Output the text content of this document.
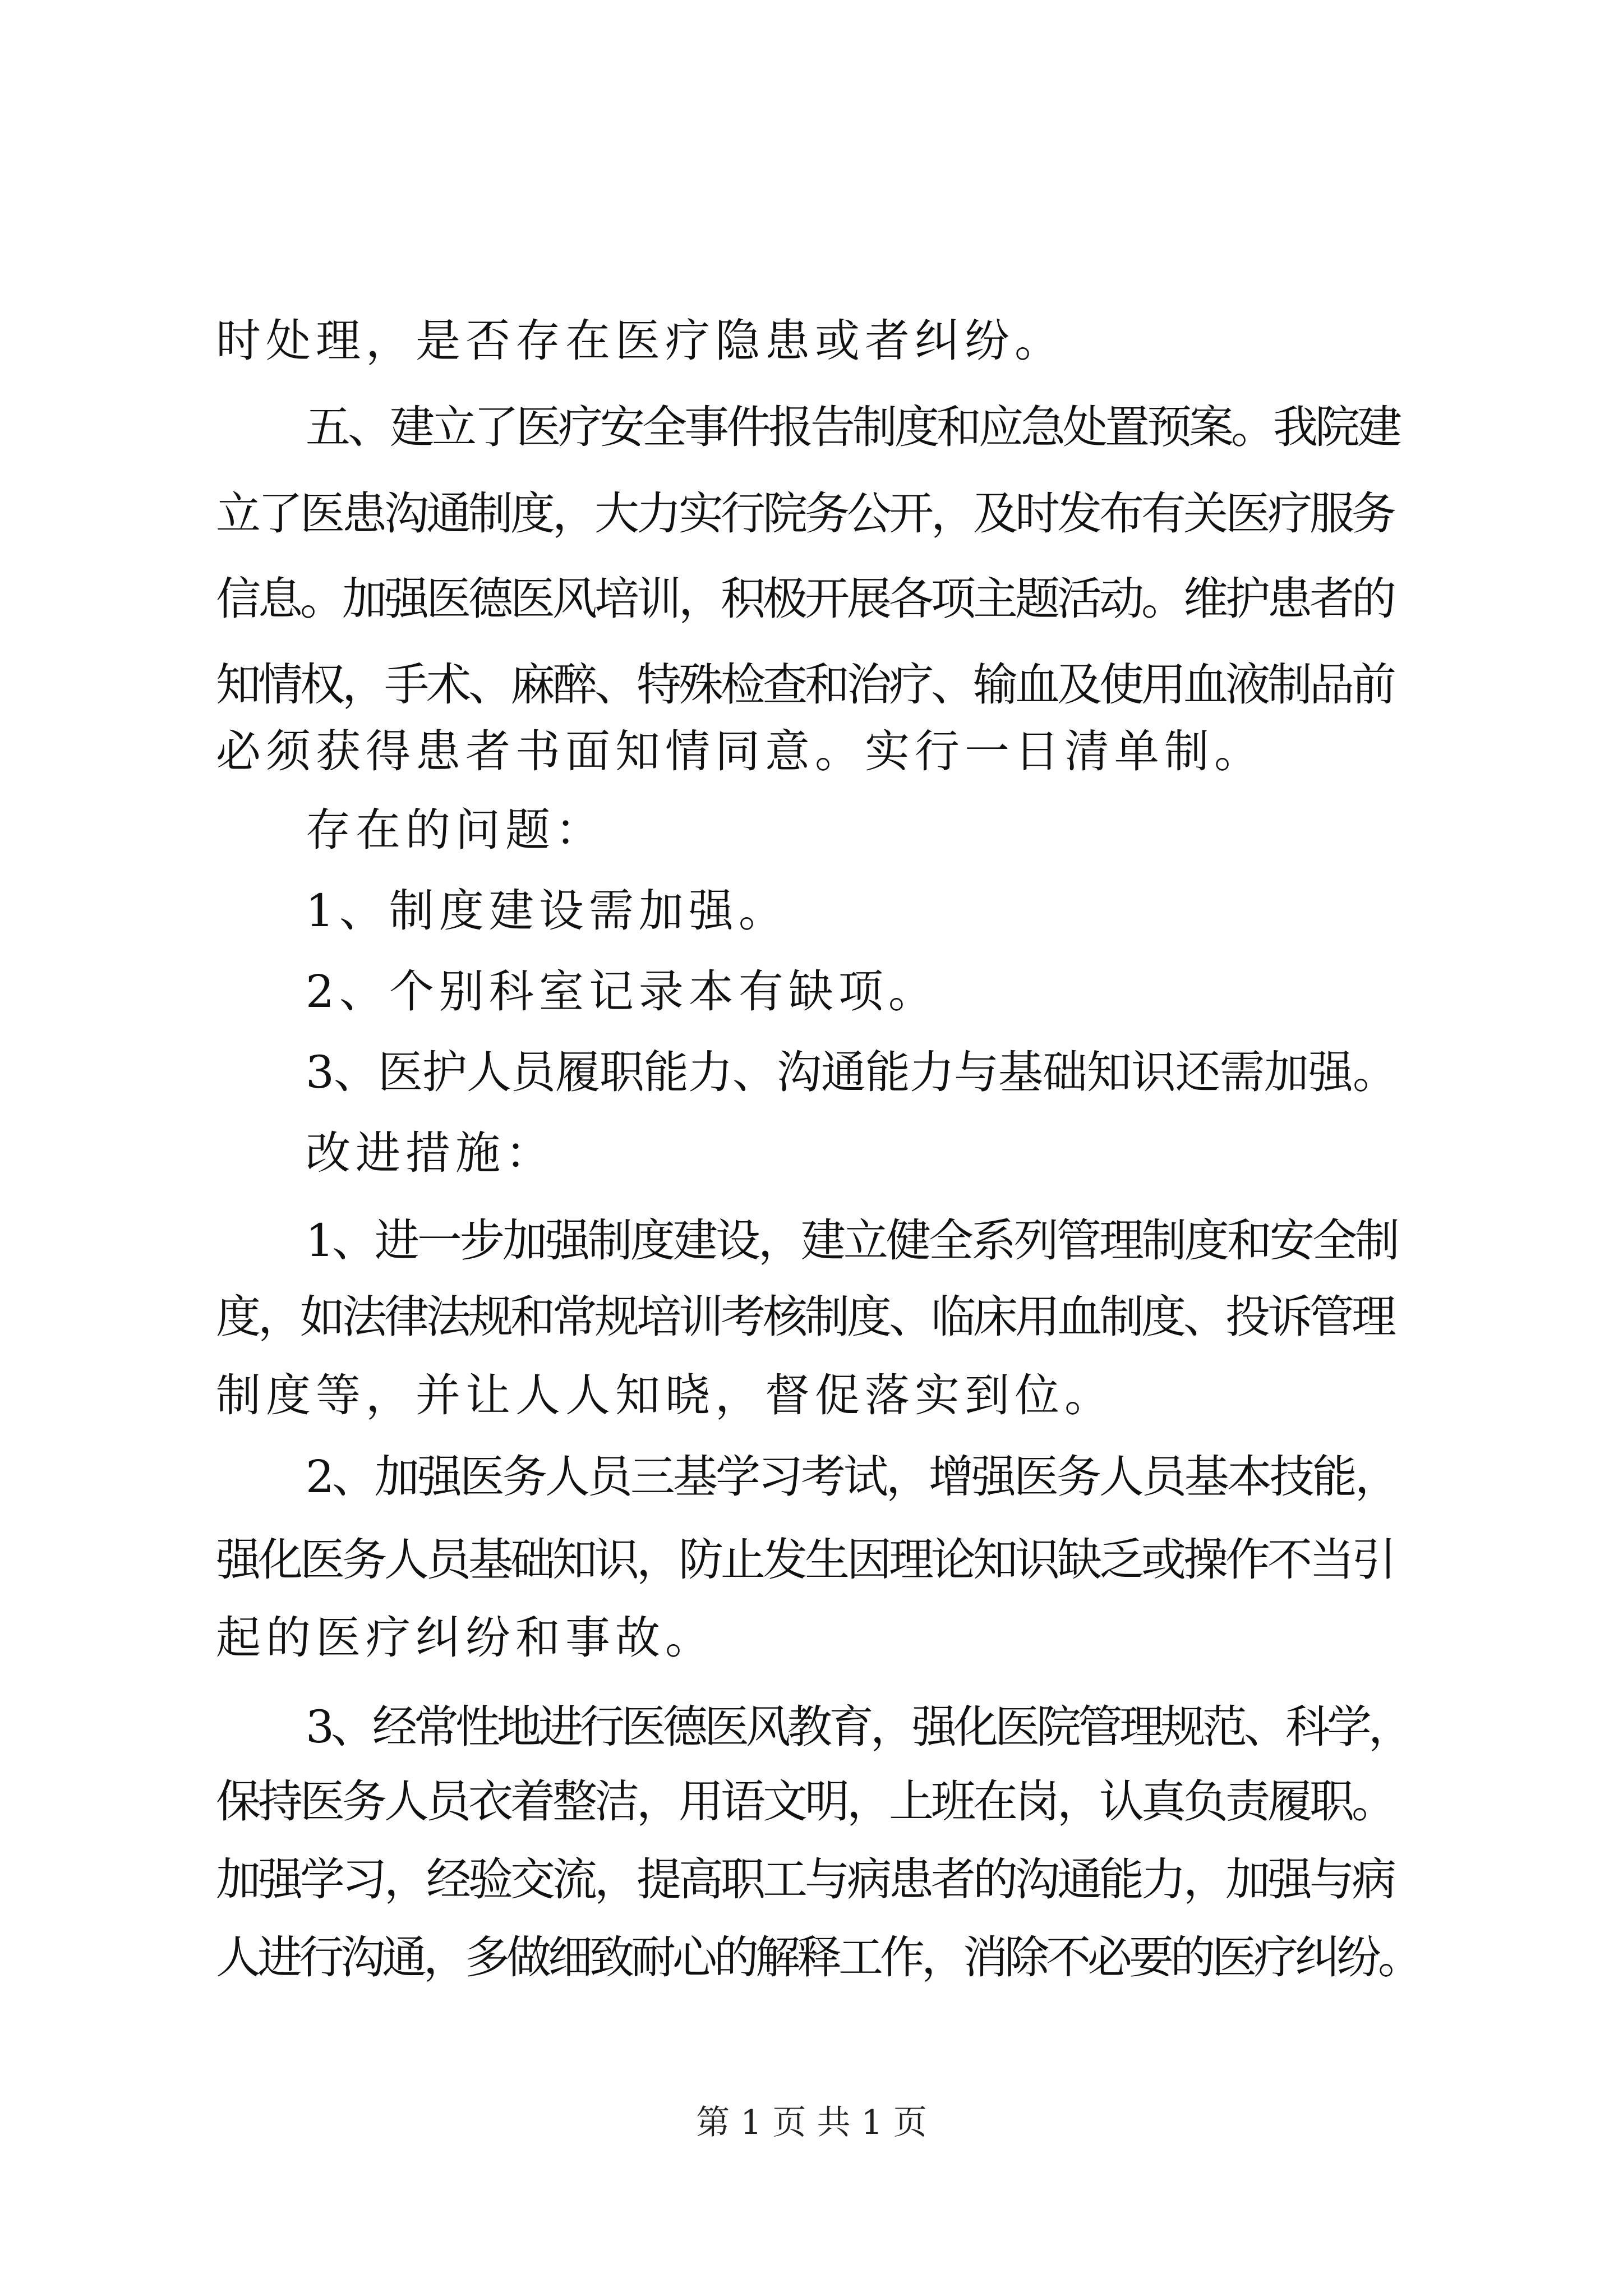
时处理，是否存在医疗隐患或者纠纷。
五、建立了医疗安全事件报告制度和应急处置预案。我院建
立了医患沟通制度，大力实行院务公开，及时发布有关医疗服务
信息。加强医德医风培训，积极开展各项主题活动。维护患者的
知情权，手术、麻醉、特殊检查和治疗、输血及使用血液制品前
必须获得患者书面知情同意。实行一日清单制。
存在的问题：
1、制度建设需加强。
2、个别科室记录本有缺项。
3、医护人员履职能力、沟通能力与基础知识还需加强。
改进措施：
1、进一步加强制度建设，建立健全系列管理制度和安全制
度，如法律法规和常规培训考核制度、临床用血制度、投诉管理
制度等，并让人人知晓，督促落实到位。
2、加强医务人员三基学习考试，增强医务人员基本技能，
强化医务人员基础知识，防止发生因理论知识缺乏或操作不当引
起的医疗纠纷和事故。
3、经常性地进行医德医风教育，强化医院管理规范、科学，
保持医务人员衣着整洁，用语文明，上班在岗，认真负责履职。
加强学习，经验交流，提高职工与病患者的沟通能力，加强与病
人进行沟通，多做细致耐心的解释工作，消除不必要的医疗纠纷。
第 1 页 共 1 页
